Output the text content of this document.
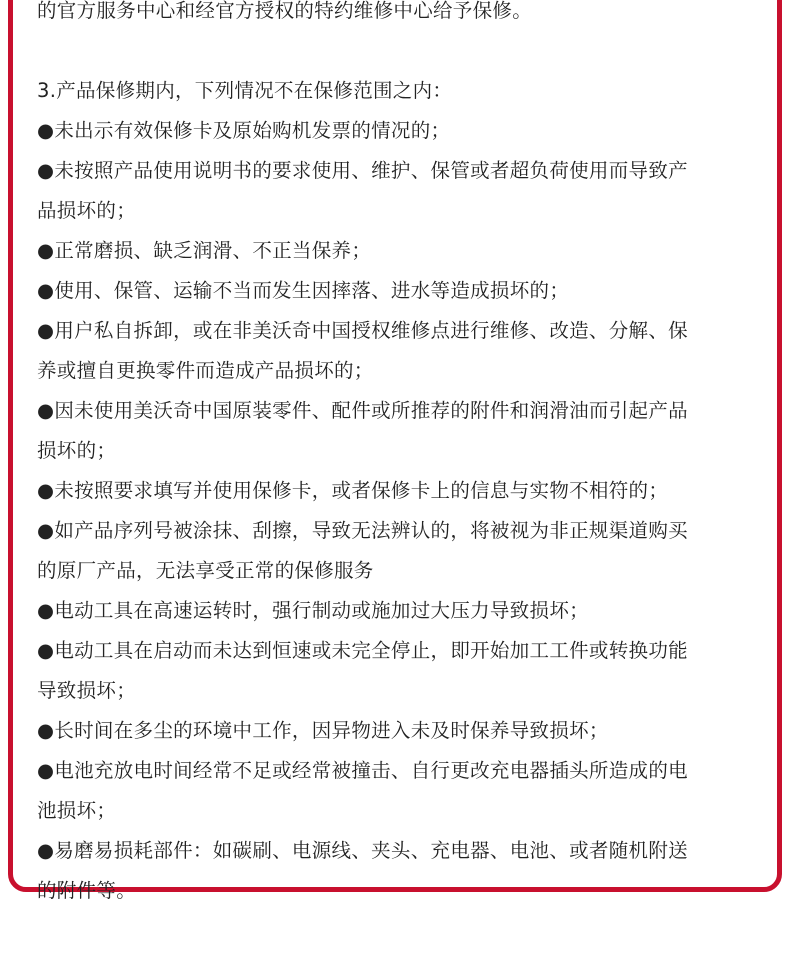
的官方服务中心和经官方授权的特约维修中心给予保修。
3.产品保修期内，下列情况不在保修范围之内：
●未出示有效保修卡及原始购机发票的情况的；
●未按照产品使用说明书的要求使用、维护、保管或者超负荷使用而导致产
品损坏的；
●正常磨损、缺乏润滑、不正当保养；
●使用、保管、运输不当而发生因摔落、进水等造成损坏的；
●用户私自拆卸，或在非美沃奇中国授权维修点进行维修、改造、分解、保
养或擅自更换零件而造成产品损坏的；
●因未使用美沃奇中国原装零件、配件或所推荐的附件和润滑油而引起产品
损坏的；
●未按照要求填写并使用保修卡，或者保修卡上的信息与实物不相符的；
●如产品序列号被涂抹、刮擦，导致无法辨认的，将被视为非正规渠道购买
的原厂产品，无法享受正常的保修服务
●电动工具在高速运转时，强行制动或施加过大压力导致损坏；
●电动工具在启动而未达到恒速或未完全停止，即开始加工工件或转换功能
导致损坏；
●长时间在多尘的环境中工作，因异物进入未及时保养导致损坏；
●电池充放电时间经常不足或经常被撞击、自行更改充电器插头所造成的电
池损坏；
●易磨易损耗部件：如碳刷、电源线、夹头、充电器、电池、或者随机附送
的附件等。
